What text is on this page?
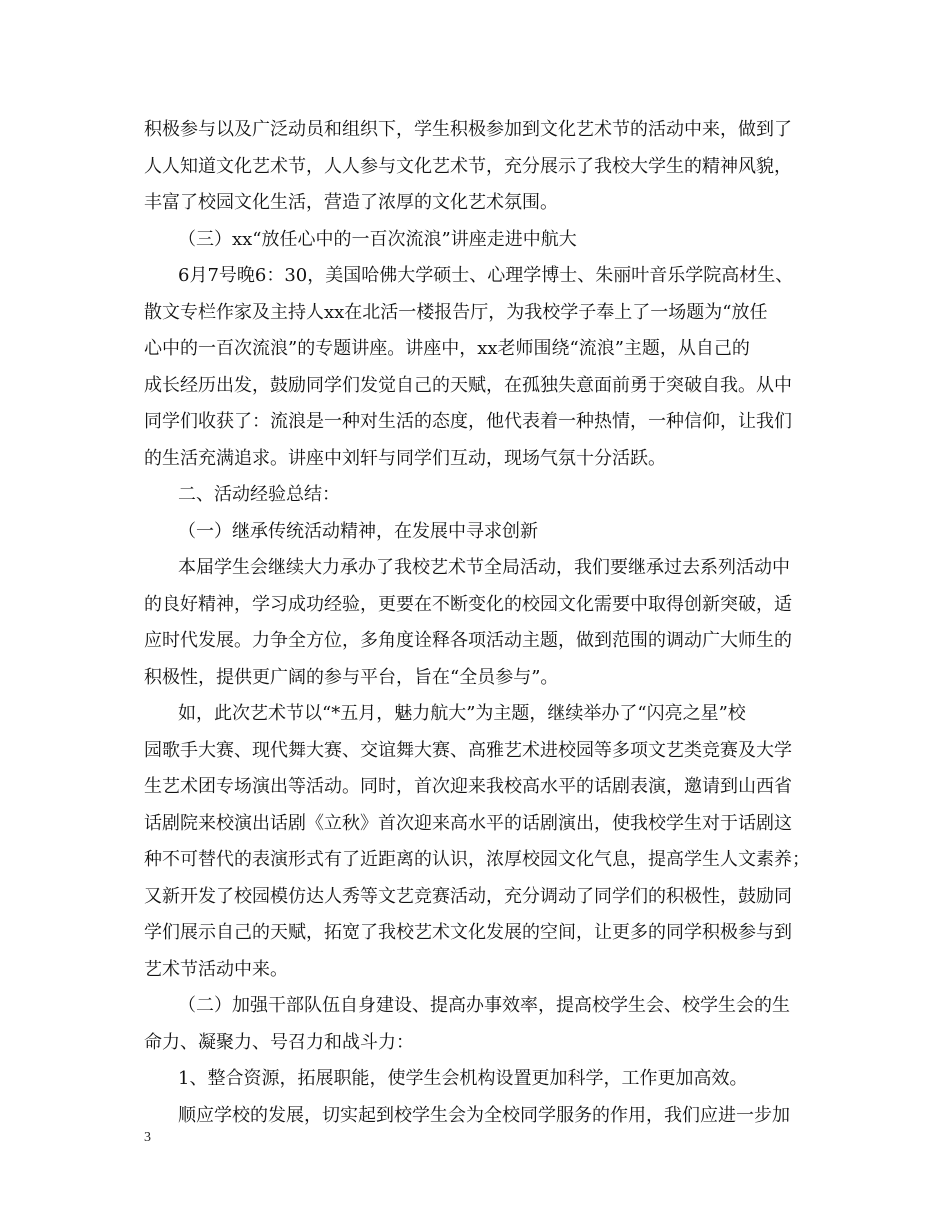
积极参与以及广泛动员和组织下，学生积极参加到文化艺术节的活动中来，做到了
人人知道文化艺术节，人人参与文化艺术节，充分展示了我校大学生的精神风貌，
丰富了校园文化生活，营造了浓厚的文化艺术氛围。
（三）xx“放任心中的一百次流浪”讲座走进中航大
6月7号晚6：30，美国哈佛大学硕士、心理学博士、朱丽叶音乐学院高材生、
散文专栏作家及主持人xx在北活一楼报告厅，为我校学子奉上了一场题为“放任
心中的一百次流浪”的专题讲座。讲座中，xx老师围绕“流浪”主题，从自己的
成长经历出发，鼓励同学们发觉自己的天赋，在孤独失意面前勇于突破自我。从中
同学们收获了：流浪是一种对生活的态度，他代表着一种热情，一种信仰，让我们
的生活充满追求。讲座中刘轩与同学们互动，现场气氛十分活跃。
二、活动经验总结：
（一）继承传统活动精神，在发展中寻求创新
本届学生会继续大力承办了我校艺术节全局活动，我们要继承过去系列活动中
的良好精神，学习成功经验，更要在不断变化的校园文化需要中取得创新突破，适
应时代发展。力争全方位，多角度诠释各项活动主题，做到范围的调动广大师生的
积极性，提供更广阔的参与平台，旨在“全员参与”。
如，此次艺术节以“*五月，魅力航大”为主题，继续举办了“闪亮之星”校
园歌手大赛、现代舞大赛、交谊舞大赛、高雅艺术进校园等多项文艺类竞赛及大学
生艺术团专场演出等活动。同时，首次迎来我校高水平的话剧表演，邀请到山西省
话剧院来校演出话剧《立秋》首次迎来高水平的话剧演出，使我校学生对于话剧这
种不可替代的表演形式有了近距离的认识，浓厚校园文化气息，提高学生人文素养；
又新开发了校园模仿达人秀等文艺竞赛活动，充分调动了同学们的积极性，鼓励同
学们展示自己的天赋，拓宽了我校艺术文化发展的空间，让更多的同学积极参与到
艺术节活动中来。
（二）加强干部队伍自身建设、提高办事效率，提高校学生会、校学生会的生
命力、凝聚力、号召力和战斗力：
1、整合资源，拓展职能，使学生会机构设置更加科学，工作更加高效。
顺应学校的发展，切实起到校学生会为全校同学服务的作用，我们应进一步加
3
